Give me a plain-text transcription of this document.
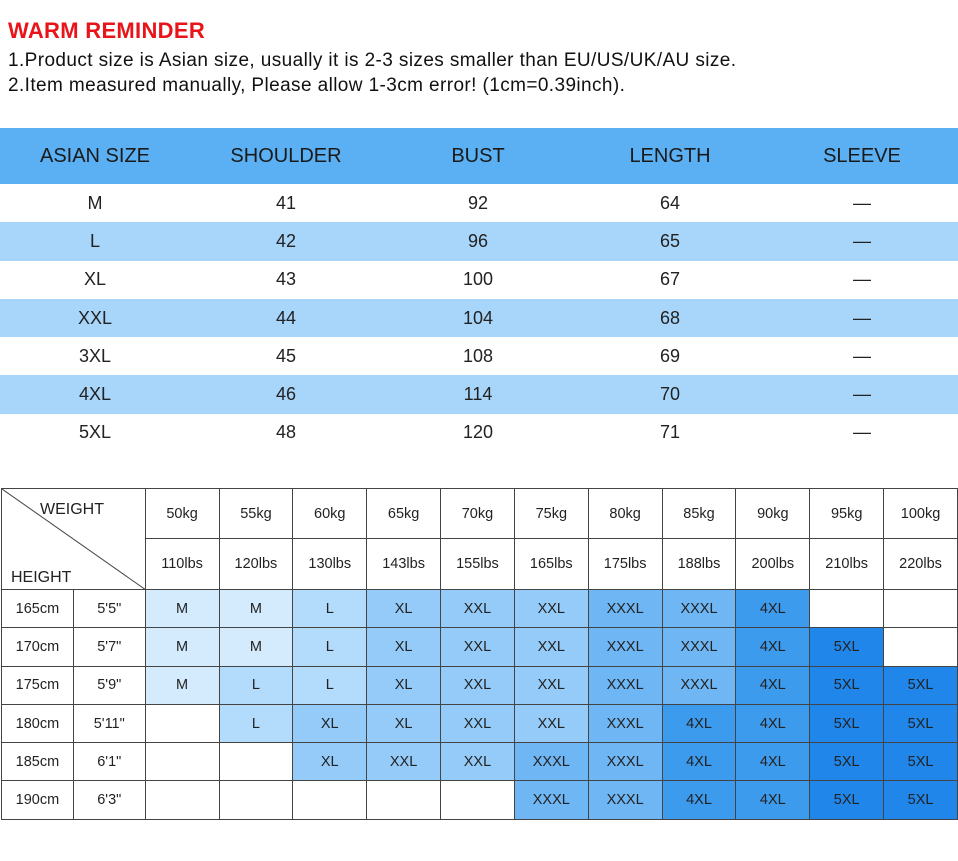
WARM REMINDER
1.Product size is Asian size, usually it is 2-3 sizes smaller than EU/US/UK/AU size.
2.Item measured manually, Please allow 1-3cm error! (1cm=0.39inch).
ASIAN SIZE	SHOULDER	BUST	LENGTH	SLEEVE
M	41	92	64	—
L	42	96	65	—
XL	43	100	67	—
XXL	44	104	68	—
3XL	45	108	69	—
4XL	46	114	70	—
5XL	48	120	71	—
WEIGHT
HEIGHT		50kg	55kg	60kg	65kg	70kg	75kg	80kg	85kg	90kg	95kg	100kg
		110lbs	120lbs	130lbs	143lbs	155lbs	165lbs	175lbs	188lbs	200lbs	210lbs	220lbs
165cm	5'5"	M	M	L	XL	XXL	XXL	XXXL	XXXL	4XL		
170cm	5'7"	M	M	L	XL	XXL	XXL	XXXL	XXXL	4XL	5XL	
175cm	5'9"	M	L	L	XL	XXL	XXL	XXXL	XXXL	4XL	5XL	5XL
180cm	5'11"		L	XL	XL	XXL	XXL	XXXL	4XL	4XL	5XL	5XL
185cm	6'1"			XL	XXL	XXL	XXXL	XXXL	4XL	4XL	5XL	5XL
190cm	6'3"						XXXL	XXXL	4XL	4XL	5XL	5XL
